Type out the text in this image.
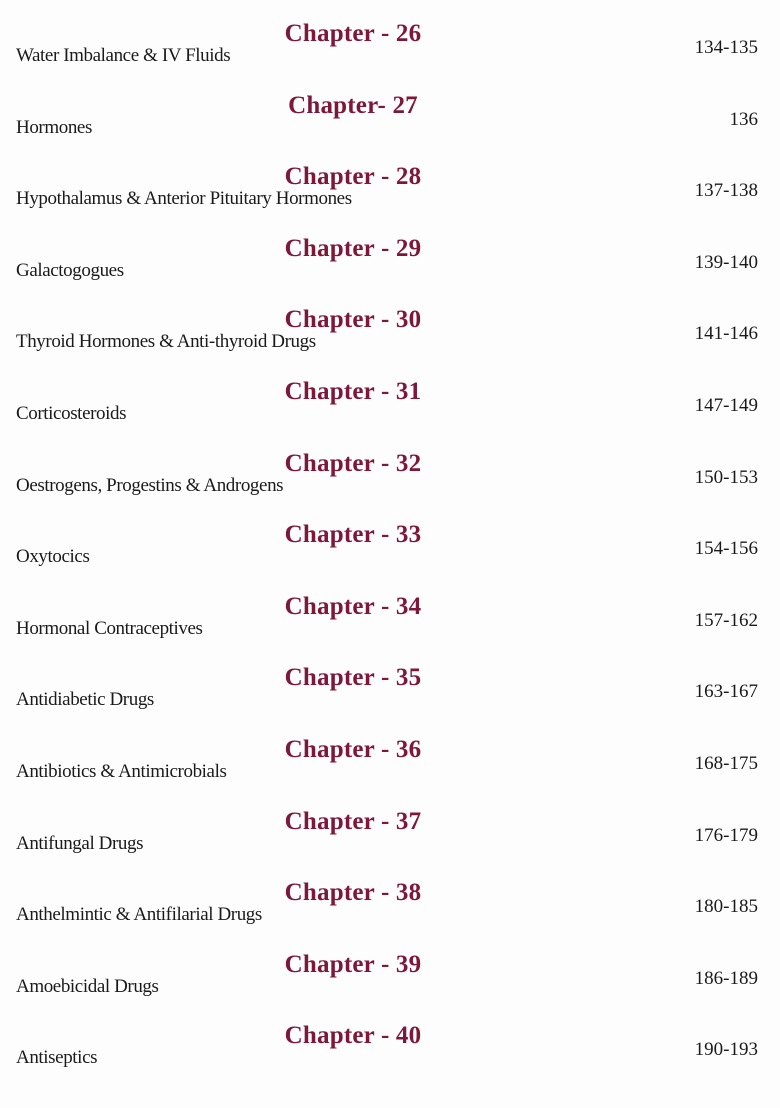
Chapter - 26
Water Imbalance & IV Fluids	134-135
Chapter- 27
Hormones	136
Chapter - 28
Hypothalamus & Anterior Pituitary Hormones	137-138
Chapter - 29
Galactogogues	139-140
Chapter - 30
Thyroid Hormones & Anti-thyroid Drugs	141-146
Chapter - 31
Corticosteroids	147-149
Chapter - 32
Oestrogens, Progestins & Androgens	150-153
Chapter - 33
Oxytocics	154-156
Chapter - 34
Hormonal Contraceptives	157-162
Chapter - 35
Antidiabetic Drugs	163-167
Chapter - 36
Antibiotics & Antimicrobials	168-175
Chapter - 37
Antifungal Drugs	176-179
Chapter - 38
Anthelmintic & Antifilarial Drugs	180-185
Chapter - 39
Amoebicidal Drugs	186-189
Chapter - 40
Antiseptics	190-193
